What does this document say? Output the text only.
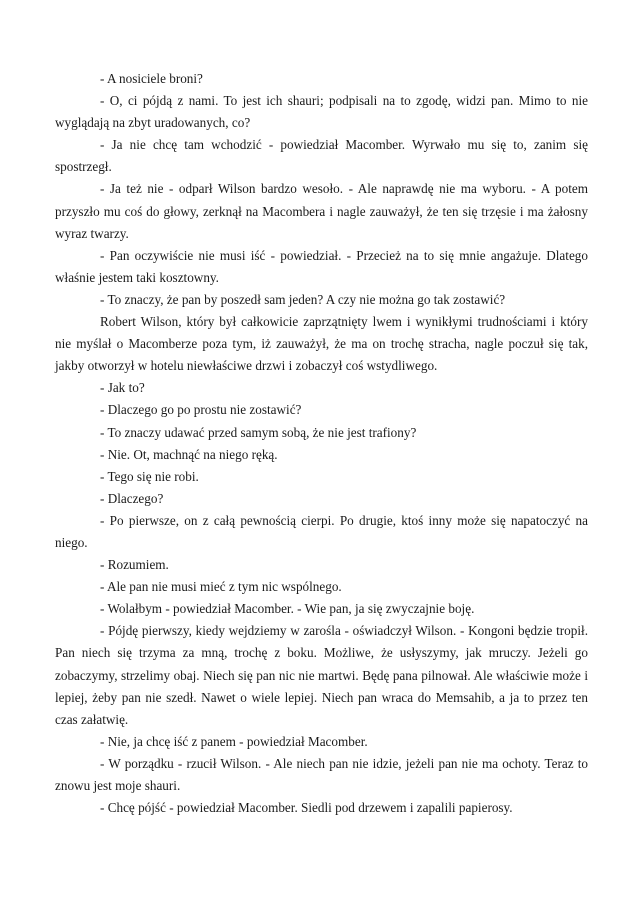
- A nosiciele broni?

- O, ci pójdą z nami. To jest ich shauri; podpisali na to zgodę, widzi pan. Mimo to nie wyglądają na zbyt uradowanych, co?

- Ja nie chcę tam wchodzić - powiedział Macomber. Wyrwało mu się to, zanim się spostrzegł.

- Ja też nie - odparł Wilson bardzo wesoło. - Ale naprawdę nie ma wyboru. - A potem przyszło mu coś do głowy, zerknął na Macombera i nagle zauważył, że ten się trzęsie i ma żałosny wyraz twarzy.

- Pan oczywiście nie musi iść - powiedział. - Przecież na to się mnie angażuje. Dlatego właśnie jestem taki kosztowny.

- To znaczy, że pan by poszedł sam jeden? A czy nie można go tak zostawić?

Robert Wilson, który był całkowicie zaprzątnięty lwem i wynikłymi trudnościami i który nie myślał o Macomberze poza tym, iż zauważył, że ma on trochę stracha, nagle poczuł się tak, jakby otworzył w hotelu niewłaściwe drzwi i zobaczył coś wstydliwego.

- Jak to?

- Dlaczego go po prostu nie zostawić?

- To znaczy udawać przed samym sobą, że nie jest trafiony?

- Nie. Ot, machnąć na niego ręką.

- Tego się nie robi.

- Dlaczego?

- Po pierwsze, on z całą pewnością cierpi. Po drugie, ktoś inny może się napatoczyć na niego.

- Rozumiem.

- Ale pan nie musi mieć z tym nic wspólnego.

- Wolałbym - powiedział Macomber. - Wie pan, ja się zwyczajnie boję.

- Pójdę pierwszy, kiedy wejdziemy w zarośla - oświadczył Wilson. - Kongoni będzie tropił. Pan niech się trzyma za mną, trochę z boku. Możliwe, że usłyszymy, jak mruczy. Jeżeli go zobaczymy, strzelimy obaj. Niech się pan nic nie martwi. Będę pana pilnował. Ale właściwie może i lepiej, żeby pan nie szedł. Nawet o wiele lepiej. Niech pan wraca do Memsahib, a ja to przez ten czas załatwię.

- Nie, ja chcę iść z panem - powiedział Macomber.

- W porządku - rzucił Wilson. - Ale niech pan nie idzie, jeżeli pan nie ma ochoty. Teraz to znowu jest moje shauri.

- Chcę pójść - powiedział Macomber. Siedli pod drzewem i zapalili papierosy.
